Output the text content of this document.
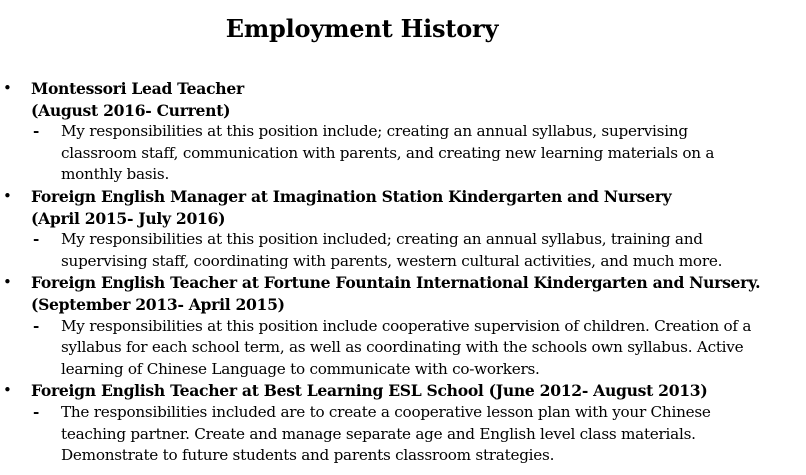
Employment History
• Montessori Lead Teacher
(August 2016- Current)

- My responsibilities at this position include; creating an annual syllabus, supervising classroom staff, communication with parents, and creating new learning materials on a monthly basis.

• Foreign English Manager at Imagination Station Kindergarten and Nursery
(April 2015- July 2016)

- My responsibilities at this position included; creating an annual syllabus, training and supervising staff, coordinating with parents, western cultural activities, and much more.

• Foreign English Teacher at Fortune Fountain International Kindergarten and Nursery.
(September 2013- April 2015)

- My responsibilities at this position include cooperative supervision of children. Creation of a syllabus for each school term, as well as coordinating with the schools own syllabus. Active learning of Chinese Language to communicate with co-workers.

• Foreign English Teacher at Best Learning ESL School (June 2012- August 2013)

- The responsibilities included are to create a cooperative lesson plan with your Chinese teaching partner. Create and manage separate age and English level class materials. Demonstrate to future students and parents classroom strategies.
